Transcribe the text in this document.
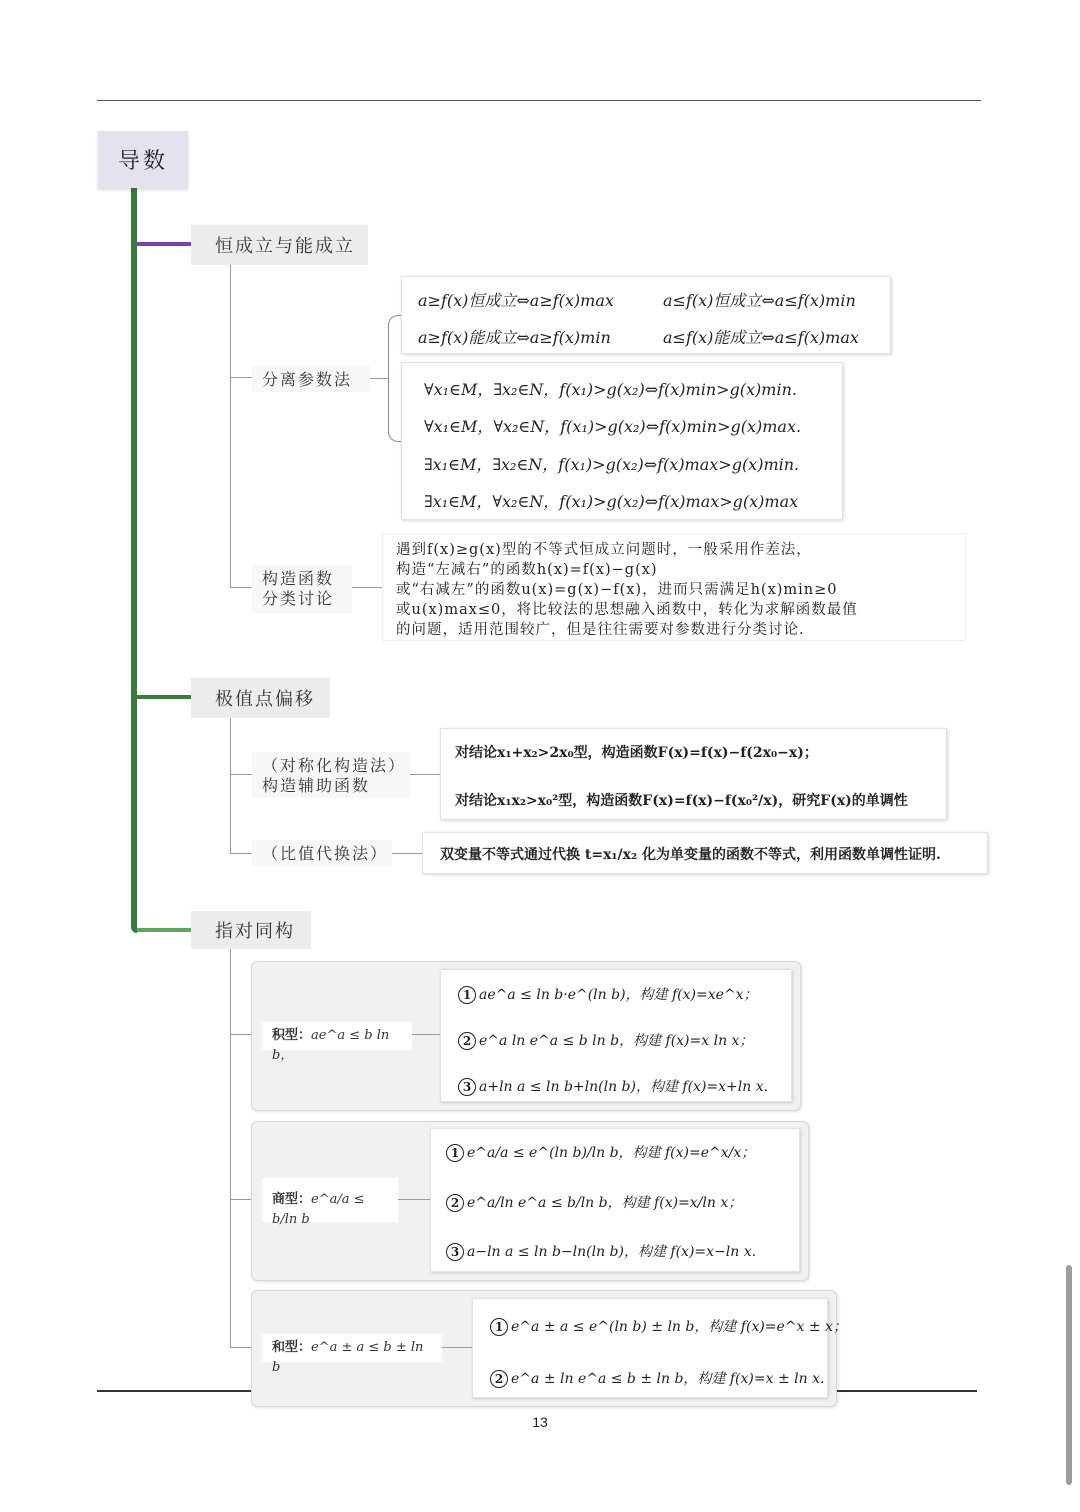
导数
恒成立与能成立
分离参数法
a≥f(x)恒成立⇔a≥f(x)max	a≤f(x)恒成立⇔a≤f(x)min
a≥f(x)能成立⇔a≥f(x)min	a≤f(x)能成立⇔a≤f(x)max
∀x₁∈M，∃x₂∈N，f(x₁)>g(x₂)⇔f(x)min>g(x)min.
∀x₁∈M，∀x₂∈N，f(x₁)>g(x₂)⇔f(x)min>g(x)max.
∃x₁∈M，∃x₂∈N，f(x₁)>g(x₂)⇔f(x)max>g(x)min.
∃x₁∈M，∀x₂∈N，f(x₁)>g(x₂)⇔f(x)max>g(x)max
构造函数
分类讨论
遇到f(x)≥g(x)型的不等式恒成立问题时，一般采用作差法，
构造“左减右”的函数h(x)=f(x)−g(x)
或“右减左”的函数u(x)=g(x)−f(x)，进而只需满足h(x)min≥0
或u(x)max≤0，将比较法的思想融入函数中，转化为求解函数最值
的问题，适用范围较广，但是往往需要对参数进行分类讨论.
极值点偏移
（对称化构造法）
构造辅助函数
对结论x₁+x₂>2x₀型，构造函数F(x)=f(x)−f(2x₀−x)；
对结论x₁x₂>x₀²型，构造函数F(x)=f(x)−f(x₀²/x)，研究F(x)的单调性
（比值代换法）	双变量不等式通过代换 t=x₁/x₂ 化为单变量的函数不等式，利用函数单调性证明.
指对同构
积型：ae^a ≤ b ln b，
1 ae^a ≤ ln b·e^(ln b)，构建 f(x)=xe^x；
2 e^a ln e^a ≤ b ln b，构建 f(x)=x ln x；
3 a+ln a ≤ ln b+ln(ln b)，构建 f(x)=x+ln x.
商型：e^a/a ≤ b/ln b
1 e^a/a ≤ e^(ln b)/ln b，构建 f(x)=e^x/x；
2 e^a/ln e^a ≤ b/ln b，构建 f(x)=x/ln x；
3 a−ln a ≤ ln b−ln(ln b)，构建 f(x)=x−ln x.
和型：e^a ± a ≤ b ± ln b
1 e^a ± a ≤ e^(ln b) ± ln b，构建 f(x)=e^x ± x；
2 e^a ± ln e^a ≤ b ± ln b，构建 f(x)=x ± ln x.
13
